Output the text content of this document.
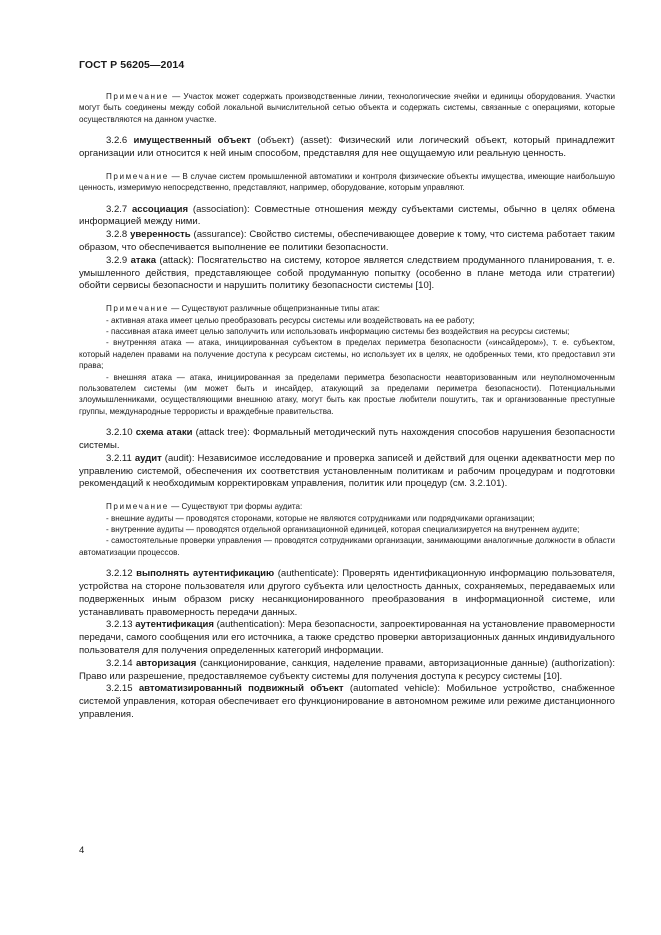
ГОСТ Р 56205—2014

Примечание — Участок может содержать производственные линии, технологические ячейки и единицы оборудования. Участки могут быть соединены между собой локальной вычислительной сетью объекта и содержать системы, связанные с операциями, которые осуществляются на данном участке.

3.2.6 имущественный объект (объект) (asset): Физический или логический объект, который принадлежит организации или относится к ней иным способом, представляя для нее ощущаемую или реальную ценность.

Примечание — В случае систем промышленной автоматики и контроля физические объекты имущества, имеющие наибольшую ценность, измеримую непосредственно, представляют, например, оборудование, которым управляют.

3.2.7 ассоциация (association): Совместные отношения между субъектами системы, обычно в целях обмена информацией между ними.

3.2.8 уверенность (assurance): Свойство системы, обеспечивающее доверие к тому, что система работает таким образом, что обеспечивается выполнение ее политики безопасности.

3.2.9 атака (attack): Посягательство на систему, которое является следствием продуманного планирования, т. е. умышленного действия, представляющее собой продуманную попытку (особенно в плане метода или стратегии) обойти сервисы безопасности и нарушить политику безопасности системы [10].

Примечание — Существуют различные общепризнанные типы атак:

- активная атака имеет целью преобразовать ресурсы системы или воздействовать на ее работу;

- пассивная атака имеет целью заполучить или использовать информацию системы без воздействия на ресурсы системы;

- внутренняя атака — атака, инициированная субъектом в пределах периметра безопасности («инсайдером»), т. е. субъектом, который наделен правами на получение доступа к ресурсам системы, но использует их в целях, не одобренных теми, кто предоставил эти права;

- внешняя атака — атака, инициированная за пределами периметра безопасности неавторизованным или неуполномоченным пользователем системы (им может быть и инсайдер, атакующий за пределами периметра безопасности). Потенциальными злоумышленниками, осуществляющими внешнюю атаку, могут быть как простые любители пошутить, так и организованные преступные группы, международные террористы и враждебные правительства.

3.2.10 схема атаки (attack tree): Формальный методический путь нахождения способов нарушения безопасности системы.

3.2.11 аудит (audit): Независимое исследование и проверка записей и действий для оценки адекватности мер по управлению системой, обеспечения их соответствия установленным политикам и рабочим процедурам и подготовки рекомендаций к необходимым корректировкам управления, политик или процедур (см. 3.2.101).

Примечание — Существуют три формы аудита:

- внешние аудиты — проводятся сторонами, которые не являются сотрудниками или подрядчиками организации;

- внутренние аудиты — проводятся отдельной организационной единицей, которая специализируется на внутреннем аудите;

- самостоятельные проверки управления — проводятся сотрудниками организации, занимающими аналогичные должности в области автоматизации процессов.

3.2.12 выполнять аутентификацию (authenticate): Проверять идентификационную информацию пользователя, устройства на стороне пользователя или другого субъекта или целостность данных, сохраняемых, передаваемых или подверженных иным образом риску несанкционированного преобразования в информационной системе, или устанавливать правомерность передачи данных.

3.2.13 аутентификация (authentication): Мера безопасности, запроектированная на установление правомерности передачи, самого сообщения или его источника, а также средство проверки авторизационных данных индивидуального пользователя для получения определенных категорий информации.

3.2.14 авторизация (санкционирование, санкция, наделение правами, авторизационные данные) (authorization): Право или разрешение, предоставляемое субъекту системы для получения доступа к ресурсу системы [10].

3.2.15 автоматизированный подвижный объект (automated vehicle): Мобильное устройство, снабженное системой управления, которая обеспечивает его функционирование в автономном режиме или режиме дистанционного управления.

4
